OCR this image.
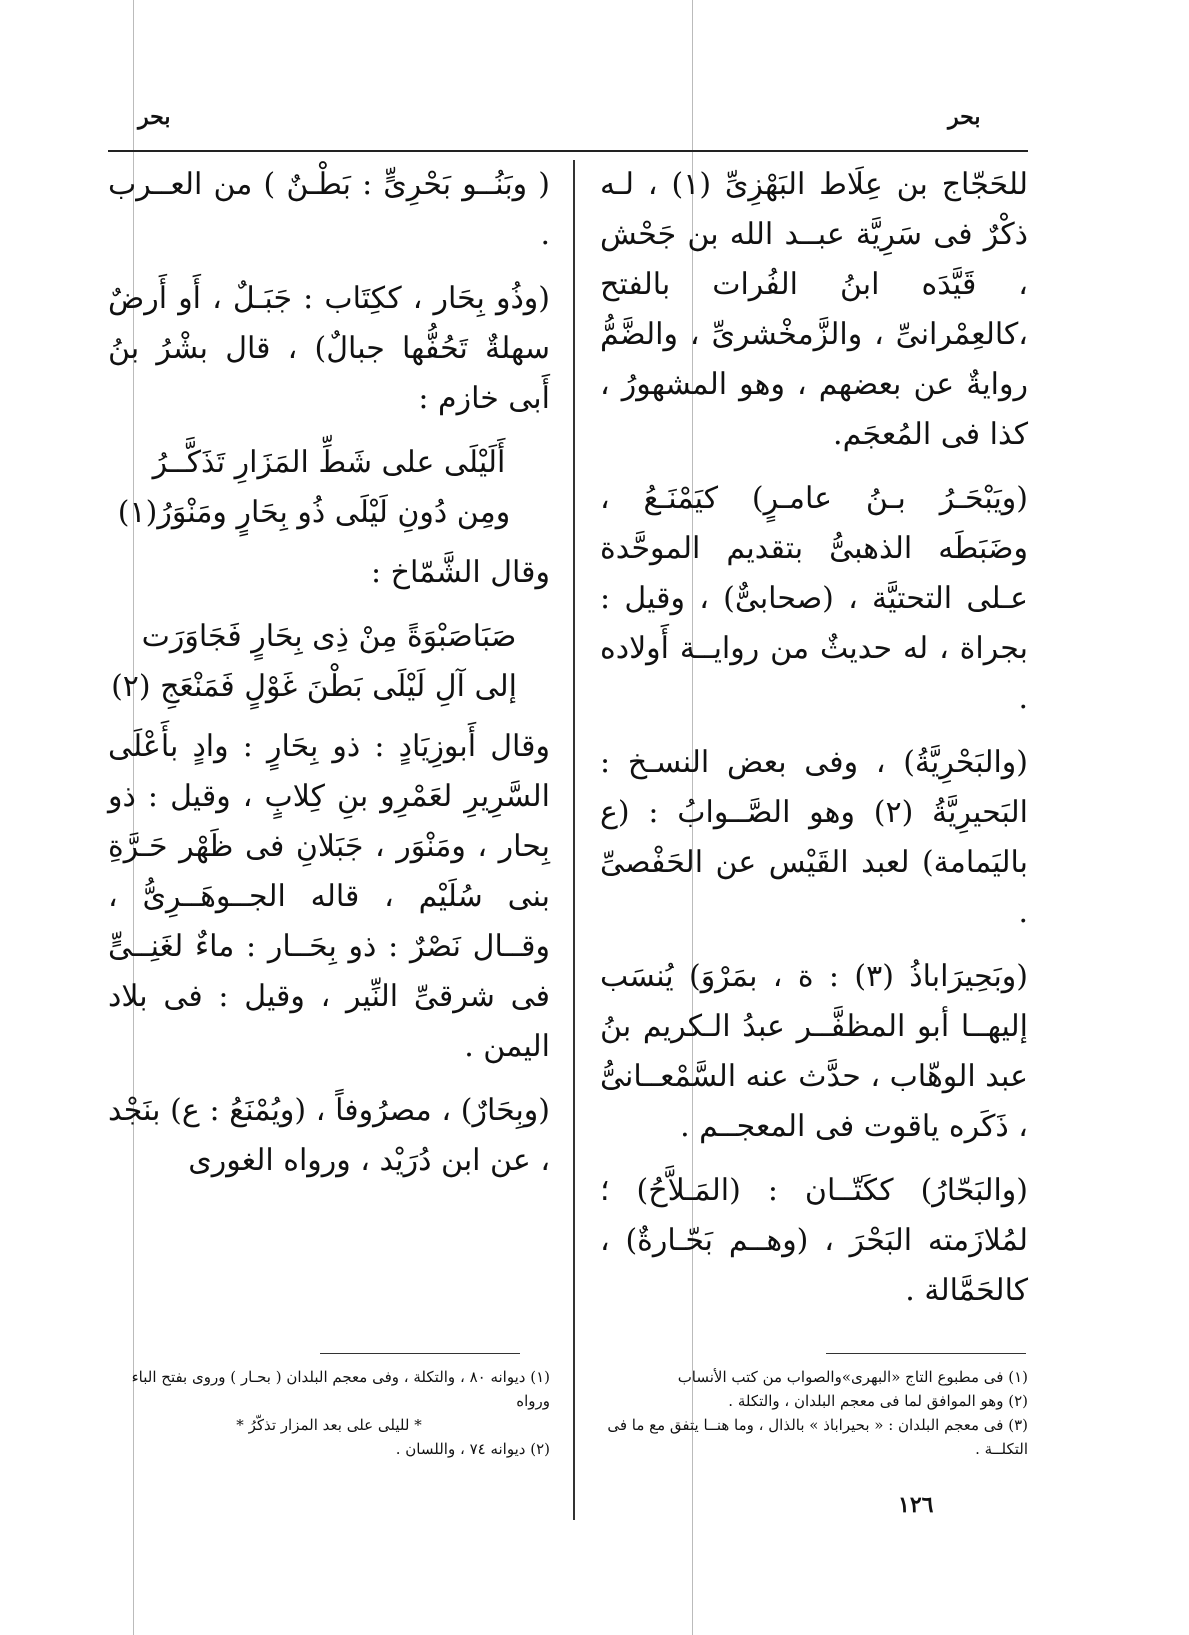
بحر
بحر

للحَجّاج بن عِلَاط البَهْزِىِّ (١) ، لـه ذكْرٌ فى سَرِيَّة عبــد الله بن جَحْش ، قَيَّدَه ابنُ الفُرات بالفتح ،كالعِمْرانىِّ ، والزَّمخْشرىِّ ، والضَّمُّ روايةٌ عن بعضهم ، وهو المشهورُ ، كذا فى المُعجَم.

(ويَبْحَـرُ بـنُ عامـرٍ) كيَمْنَـعُ ، وضَبَطَه الذهبىُّ بتقديم الموحَّدة عـلى التحتيَّة ، (صحابىٌّ) ، وقيل : بجراة ، له حديثٌ من روايــة أَولاده .

(والبَحْرِيَّةُ) ، وفى بعض النسـخ : البَحيرِيَّةُ (٢) وهو الصَّــوابُ : (ع باليَمامة) لعبد القَيْس عن الحَفْصىِّ .

(وبَحِيرَاباذُ (٣) : ة ، بمَرْوَ) يُنسَب إليهــا أبو المظفَّــر عبدُ الـكريم بنُ عبد الوهّاب ، حدَّث عنه السَّمْعــانىُّ ، ذَكَره ياقوت فى المعجــم .

(والبَحّارُ) ككَتّــان : (المَـلاَّحُ) ؛ لمُلازَمته البَحْرَ ، (وهــم بَحّـارةٌ) ، كالحَمَّالة .

( وبَنُــو بَحْرِىٍّ : بَطْـنٌ ) من العــرب .

(وذُو بِحَار ، ككِتَاب : جَبَـلٌ ، أَو أَرضٌ سهلةٌ تَحُفُّها جبالٌ) ، قال بشْرُ بنُ أَبى خازم :

أَلَيْلَى على شَطِّ المَزَارِ تَذَكَّــرُ
ومِن دُونِ لَيْلَى ذُو بِحَارٍ ومَنْوَرُ(١)

وقال الشَّمّاخ :

صَبَاصَبْوَةً مِنْ ذِى بِحَارٍ فَجَاوَرَت
إلى آلِ لَيْلَى بَطْنَ غَوْلٍ فَمَنْعَجِ (٢)

وقال أَبوزِيَادٍ : ذو بِحَارٍ : وادٍ بأَعْلَى السَّرِيرِ لعَمْرِو بنِ كِلابٍ ، وقيل : ذو بِحار ، ومَنْوَر ، جَبَلانِ فى ظَهْر حَـرَّةِ بنى سُلَيْم ، قاله الجــوهَــرِىُّ ، وقــال نَصْرٌ : ذو بِحَــار : ماءٌ لغَنِــىٍّ فى شرقىِّ النِّير ، وقيل : فى بلاد اليمن .

(وبِحَارٌ) ، مصرُوفاً ، (ويُمْنَعُ : ع) بنَجْد ، عن ابن دُرَيْد ، ورواه الغورى

(١) فى مطبوع التاج «البهرى»والصواب من كتب الأنساب
(٢) وهو الموافق لما فى معجم البلدان ، والتكلة .
(٣) فى معجم البلدان : « بحيراباذ » بالذال ، وما هنــا يتفق مع ما فى التكلــة .
(١) ديوانه ٨٠ ، والتكلة ، وفى معجم البلدان ( بحـار ) وروى بفتح الباء ورواه
* لليلى على بعد المزار تذكّرُ *
(٢) ديوانه ٧٤ ، واللسان .
١٢٦
